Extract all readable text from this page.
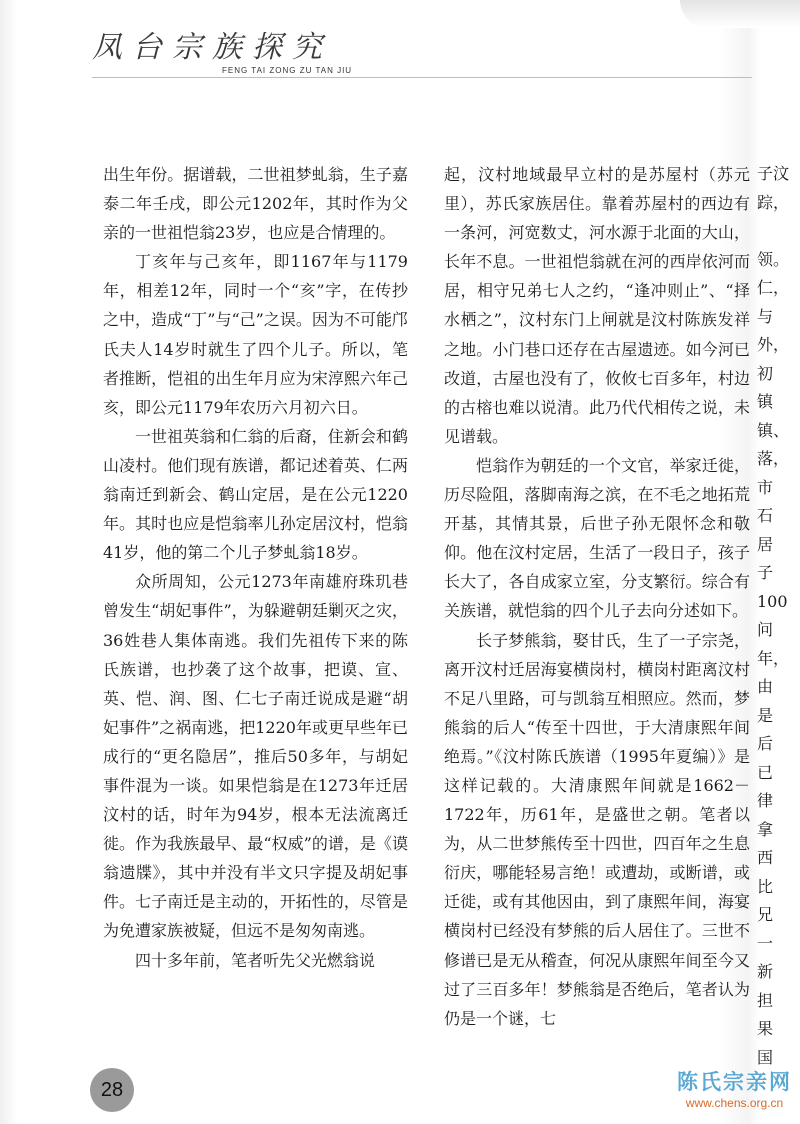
凤台宗族探究
FENG TAI ZONG ZU TAN JIU

出生年份。据谱载，二世祖梦虬翁，生子嘉泰二年壬戌，即公元1202年，其时作为父亲的一世祖恺翁23岁，也应是合情理的。

丁亥年与己亥年，即1167年与1179年，相差12年，同时一个“亥”字，在传抄之中，造成“丁”与“己”之误。因为不可能邝氏夫人14岁时就生了四个儿子。所以，笔者推断，恺祖的出生年月应为宋淳熙六年己亥，即公元1179年农历六月初六日。

一世祖英翁和仁翁的后裔，住新会和鹤山凌村。他们现有族谱，都记述着英、仁两翁南迁到新会、鹤山定居，是在公元1220年。其时也应是恺翁率儿孙定居汶村，恺翁41岁，他的第二个儿子梦虬翁18岁。

众所周知，公元1273年南雄府珠玑巷曾发生“胡妃事件”，为躲避朝廷剿灭之灾，36姓巷人集体南逃。我们先祖传下来的陈氏族谱，也抄袭了这个故事，把谟、宣、英、恺、润、图、仁七子南迁说成是避“胡妃事件”之祸南逃，把1220年或更早些年已成行的“更名隐居”，推后50多年，与胡妃事件混为一谈。如果恺翁是在1273年迁居汶村的话，时年为94岁，根本无法流离迁徙。作为我族最早、最“权威”的谱，是《谟翁遗牒》，其中并没有半文只字提及胡妃事件。七子南迁是主动的，开拓性的，尽管是为免遭家族被疑，但远不是匆匆南逃。

四十多年前，笔者听先父光燃翁说

起，汶村地域最早立村的是苏屋村（苏元里），苏氏家族居住。靠着苏屋村的西边有一条河，河宽数丈，河水源于北面的大山，长年不息。一世祖恺翁就在河的西岸依河而居，相守兄弟七人之约，“逢冲则止”、“择水栖之”，汶村东门上闸就是汶村陈族发祥之地。小门巷口还存在古屋遗迹。如今河已改道，古屋也没有了，攸攸七百多年，村边的古榕也难以说清。此乃代代相传之说，未见谱载。

恺翁作为朝廷的一个文官，举家迁徙，历尽险阻，落脚南海之滨，在不毛之地拓荒开基，其情其景，后世子孙无限怀念和敬仰。他在汶村定居，生活了一段日子，孩子长大了，各自成家立室，分支繁衍。综合有关族谱，就恺翁的四个儿子去向分述如下。

长子梦熊翁，娶甘氏，生了一子宗尧，离开汶村迁居海宴横岗村，横岗村距离汶村不足八里路，可与凯翁互相照应。然而，梦熊翁的后人“传至十四世，于大清康熙年间绝焉。”《汶村陈氏族谱（1995年夏编）》是这样记载的。大清康熙年间就是1662－1722年，历61年，是盛世之朝。笔者以为，从二世梦熊传至十四世，四百年之生息衍庆，哪能轻易言绝！或遭劫，或断谱，或迁徙，或有其他因由，到了康熙年间，海宴横岗村已经没有梦熊的后人居住了。三世不修谱已是无从稽查，何况从康熙年间至今又过了三百多年！梦熊翁是否绝后，笔者认为仍是一个谜，七

子汶
踪，
领。
仁，
与
外，
初
镇
镇、
落，
市
石
居
子
100
问
年，
由
是
后
已
律
拿
西
比
兄
一
新
担
果
国
28	陈氏宗亲网
www.chens.org.cn
